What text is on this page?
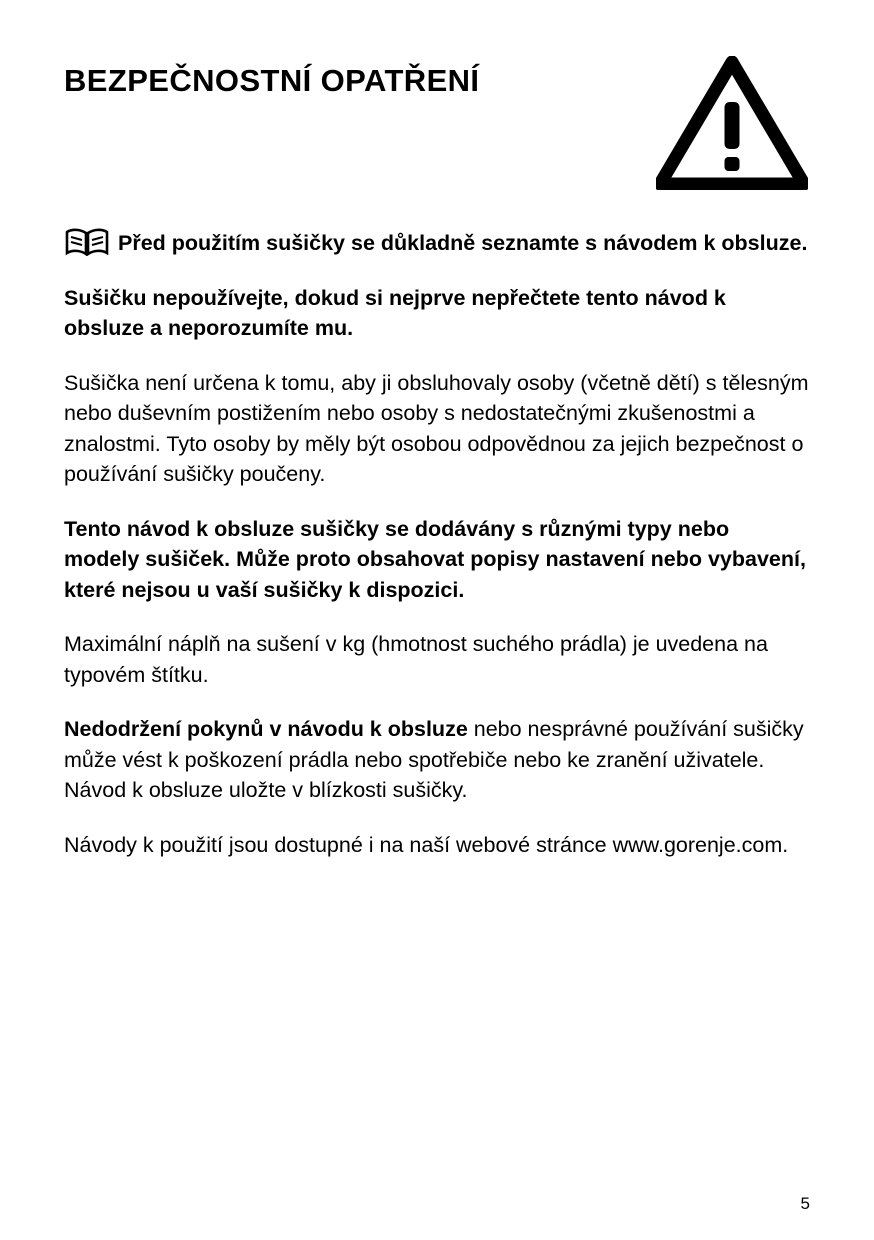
BEZPEČNOSTNÍ OPATŘENÍ

Před použitím sušičky se důkladně seznamte s návodem k obsluze.

Sušičku nepoužívejte, dokud si nejprve nepřečtete tento návod k obsluze a neporozumíte mu.

Sušička není určena k tomu, aby ji obsluhovaly osoby (včetně dětí) s tělesným nebo duševním postižením nebo osoby s nedostatečnými zkušenostmi a znalostmi. Tyto osoby by měly být osobou odpovědnou za jejich bezpečnost o používání sušičky poučeny.

Tento návod k obsluze sušičky se dodávány s různými typy nebo modely sušiček. Může proto obsahovat popisy nastavení nebo vybavení, které nejsou u vaší sušičky k dispozici.

Maximální náplň na sušení v kg (hmotnost suchého prádla) je uvedena na typovém štítku.

Nedodržení pokynů v návodu k obsluze nebo nesprávné používání sušičky může vést k poškození prádla nebo spotřebiče nebo ke zranění uživatele. Návod k obsluze uložte v blízkosti sušičky.

Návody k použití jsou dostupné i na naší webové stránce www.gorenje.com.

5
